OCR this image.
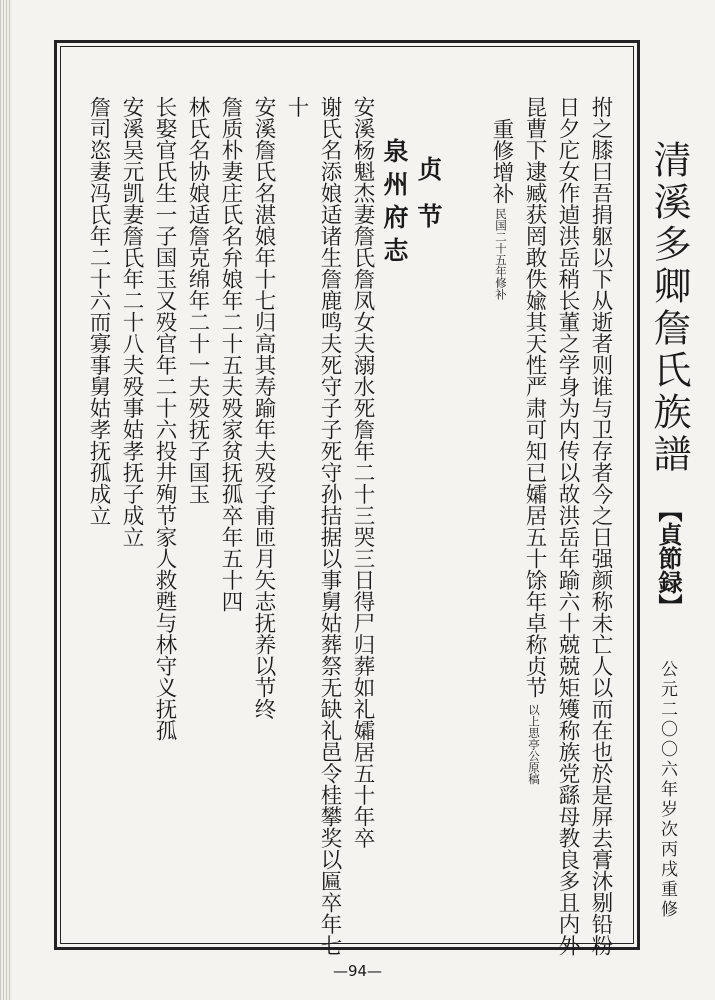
清溪多卿詹氏族譜
【貞節録】
公元二〇〇六年岁次丙戌重修
拊之膝曰吾捐躯以下从逝者则谁与卫存者今之日强颜称未亡人以而在也於是屏去膏沐剔铅粉
日夕庀女作逌洪岳稍长董之学身为内传以故洪岳年踰六十兢兢矩矱称族党繇母教良多且内外
昆曹下逮臧获罔敢佚婾其天性严肃可知已孀居五十馀年卓称贞节以上思亭公原稿
重修增补民国二十五年修补
贞节
泉州府志
安溪杨魁杰妻詹氏詹凤女夫溺水死詹年二十三哭三日得尸归葬如礼孀居五十年卒
谢氏名添娘适诸生詹鹿鸣夫死守子子死守孙拮据以事舅姑葬祭无缺礼邑令桂攀奖以匾卒年七
十
安溪詹氏名湛娘年十七归高其寿踰年夫殁子甫匝月矢志抚养以节终
詹质朴妻庄氏名弁娘年二十五夫殁家贫抚孤卒年五十四
林氏名协娘适詹克绵年二十一夫殁抚子国玉
长娶官氏生一子国玉又殁官年二十六投井殉节家人救甦与林守义抚孤
安溪吴元凯妻詹氏年二十八夫殁事姑孝抚子成立
詹司恣妻冯氏年二十六而寡事舅姑孝抚孤成立
—94—
